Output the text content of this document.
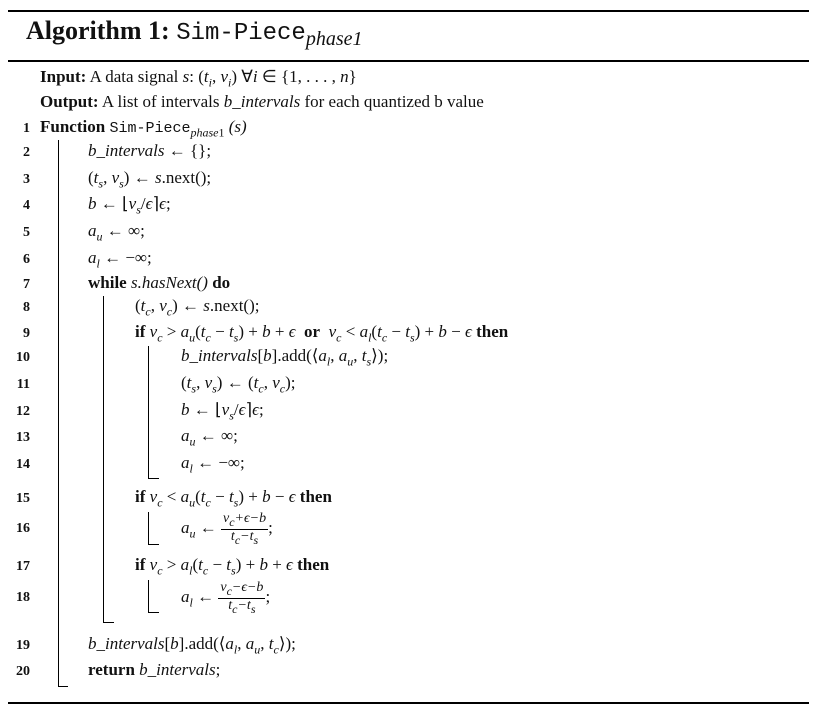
Algorithm 1: Sim-Piece$_{phase1}$
Input: A data signal s: ($t_i$, $v_i$) ∀i ∈ {1, . . . , n}
Output: A list of intervals b_intervals for each quantized b value
1
2
3
4
5
6
7
8
9
10
11
12
13
14
15
16
17
18
19
20
Function Sim-Piece$_{phase1}$ (s)
b_intervals ← {};
($t_s$, $v_s$) ← s.next();
b ← $⌊v_s/\epsilon⌉\epsilon$;
$a_u$ ← ∞;
$a_l$ ← −∞;
while s.hasNext() do
($t_c$, $v_c$) ← s.next();
if $v_c > a_u(t_c - t_s) + b + \epsilon$ or $v_c < a_l(t_c - t_s) + b - \epsilon$ then
$b\_intervals[b].add(⟨a_l$, $a_u$, $t_s⟩$);
($t_s$, $v_s$) ← ($t_c$, $v_c$);
b ← $⌊v_s/\epsilon⌉\epsilon$;
$a_u$ ← ∞;
$a_l$ ← −∞;
if $v_c < a_u(t_c - t_s) + b - \epsilon$ then
$a_u$ ← $\frac{v_c+\epsilon-b}{t_c-t_s}$ ;
if $v_c > a_l(t_c - t_s) + b + \epsilon$ then
$a_l$ ← $\frac{v_c-\epsilon-b}{t_c-t_s}$ ;
$b\_intervals[b].add(⟨a_l$, $a_u$, $t_c⟩$);
return b_intervals;
